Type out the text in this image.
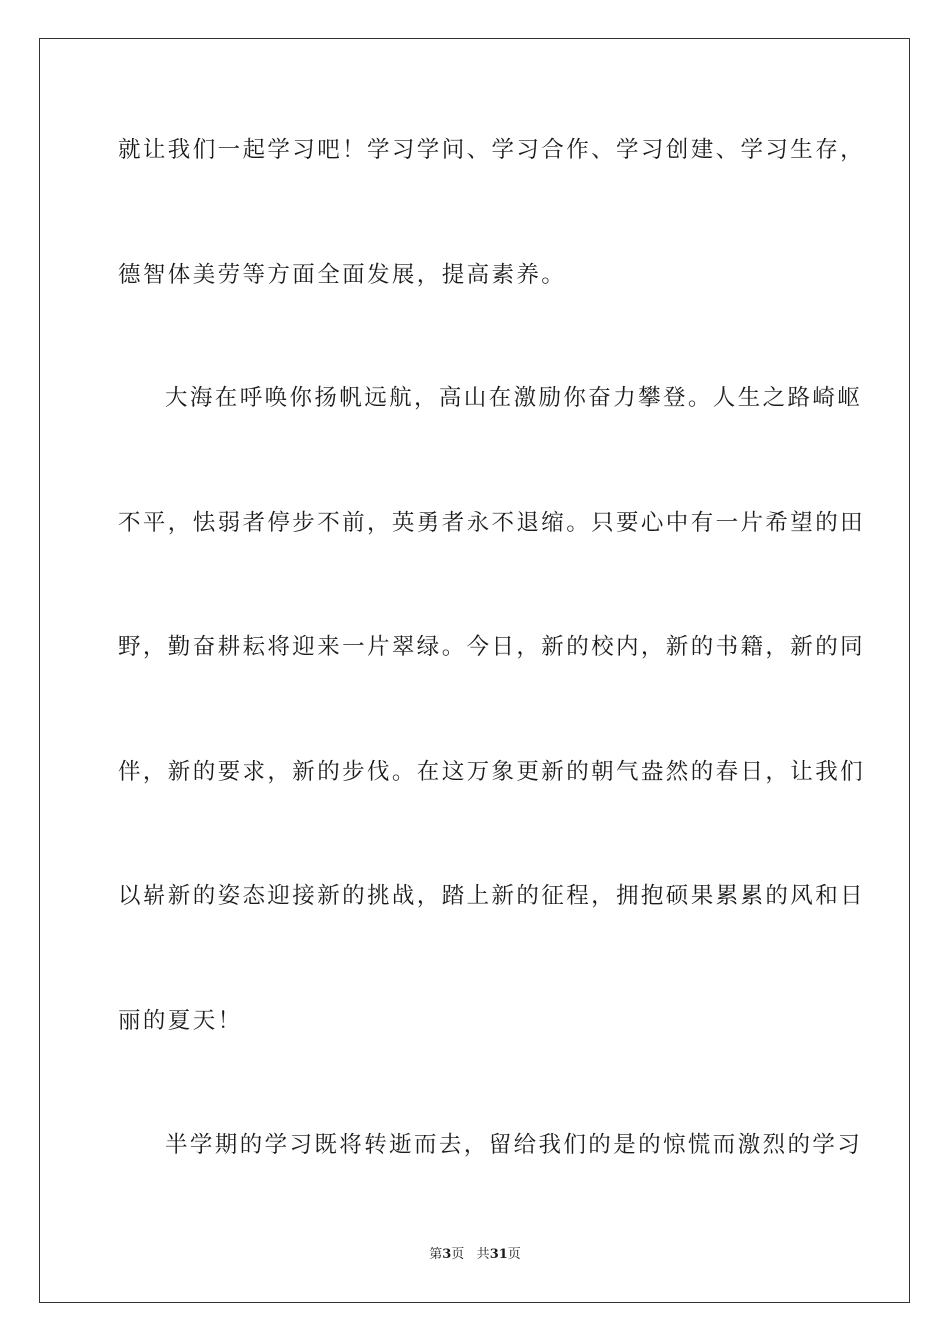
就让我们一起学习吧！学习学问、学习合作、学习创建、学习生存，
德智体美劳等方面全面发展，提高素养。
大海在呼唤你扬帆远航，高山在激励你奋力攀登。人生之路崎岖
不平，怯弱者停步不前，英勇者永不退缩。只要心中有一片希望的田
野，勤奋耕耘将迎来一片翠绿。今日，新的校内，新的书籍，新的同
伴，新的要求，新的步伐。在这万象更新的朝气盎然的春日，让我们
以崭新的姿态迎接新的挑战，踏上新的征程，拥抱硕果累累的风和日
丽的夏天！
半学期的学习既将转逝而去，留给我们的是的惊慌而激烈的学习
第3页 共31页
